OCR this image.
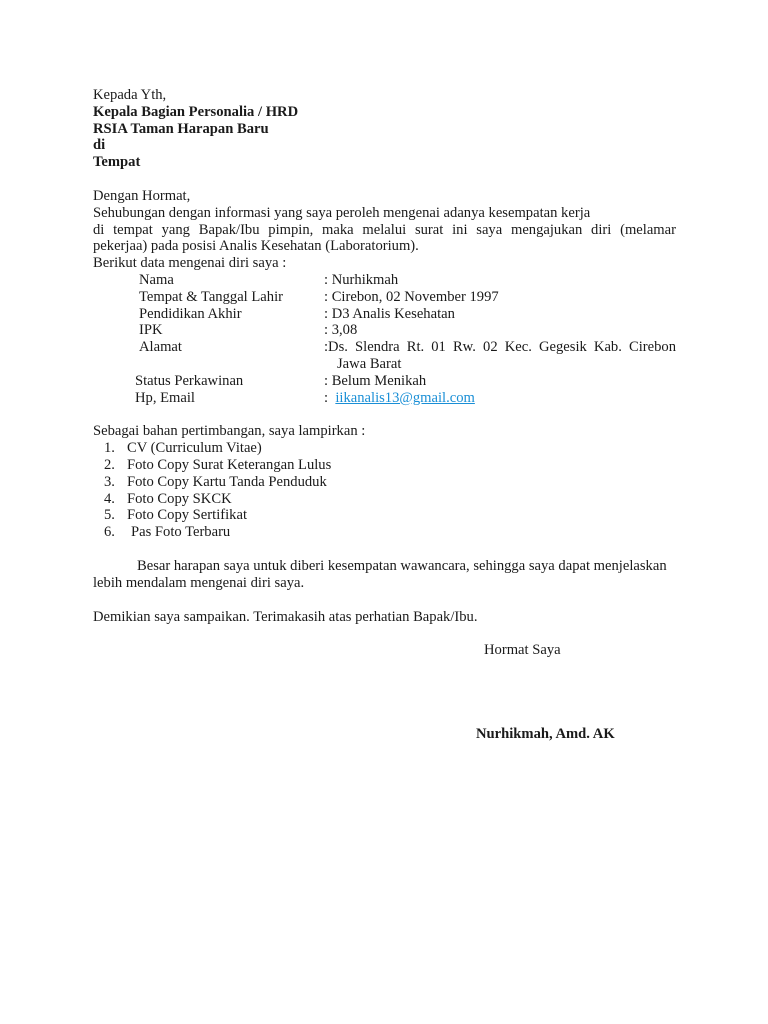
Kepada Yth,
Kepala Bagian Personalia / HRD
RSIA Taman Harapan Baru
di
Tempat
Dengan Hormat,
Sehubungan dengan informasi yang saya peroleh mengenai adanya kesempatan kerja
di tempat yang Bapak/Ibu pimpin, maka melalui surat ini saya mengajukan diri (melamar
pekerjaa) pada posisi Analis Kesehatan (Laboratorium).
Berikut data mengenai diri saya :
Nama	: Nurhikmah
Tempat & Tanggal Lahir	: Cirebon, 02 November 1997
Pendidikan Akhir	: D3 Analis Kesehatan
IPK	: 3,08
Alamat	:Ds. Slendra Rt. 01 Rw. 02 Kec. Gegesik Kab. Cirebon
Jawa Barat
Status Perkawinan	: Belum Menikah
Hp, Email	: iikanalis13@gmail.com
Sebagai bahan pertimbangan, saya lampirkan :
1. CV (Curriculum Vitae)
2. Foto Copy Surat Keterangan Lulus
3. Foto Copy Kartu Tanda Penduduk
4. Foto Copy SKCK
5. Foto Copy Sertifikat
6. Pas Foto Terbaru

Besar harapan saya untuk diberi kesempatan wawancara, sehingga saya dapat menjelaskan lebih mendalam mengenai diri saya.

Demikian saya sampaikan. Terimakasih atas perhatian Bapak/Ibu.
Hormat Saya
Nurhikmah, Amd. AK
